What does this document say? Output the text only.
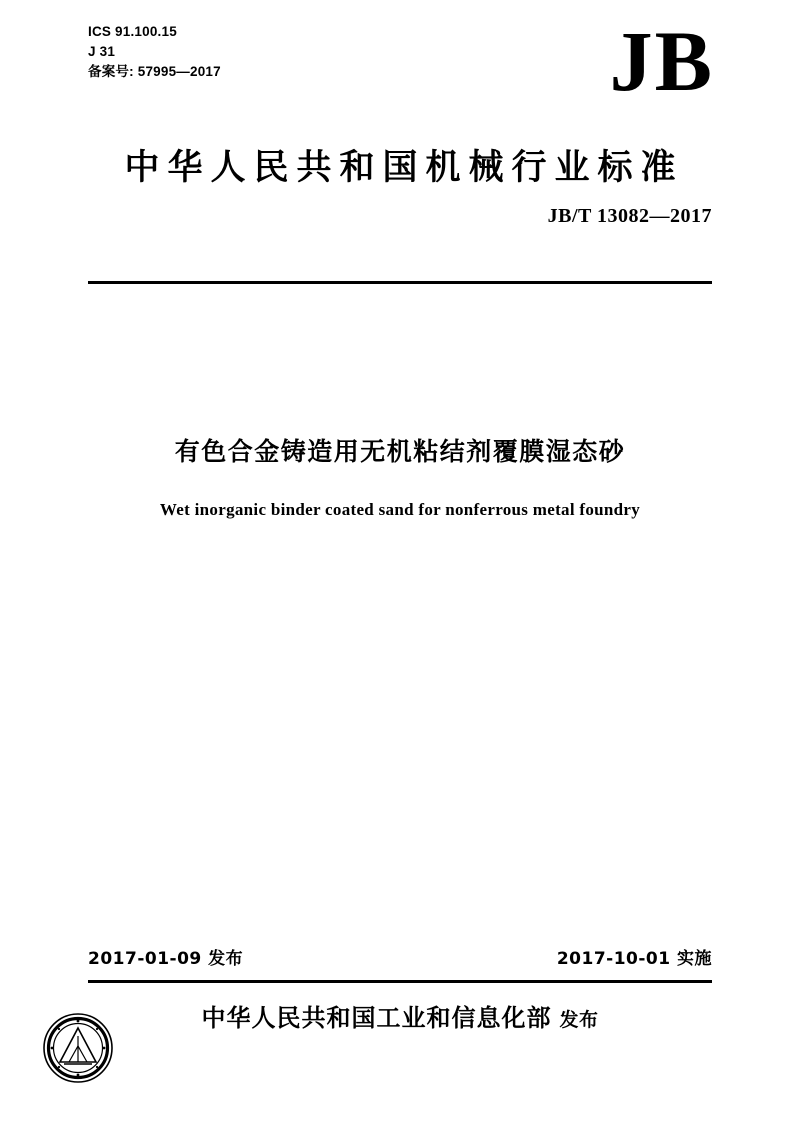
ICS 91.100.15
J 31
备案号: 57995—2017	JB
中华人民共和国机械行业标准
JB/T 13082—2017
有色合金铸造用无机粘结剂覆膜湿态砂
Wet inorganic binder coated sand for nonferrous metal foundry
2017-01-09 发布	2017-10-01 实施
中华人民共和国工业和信息化部 发布
